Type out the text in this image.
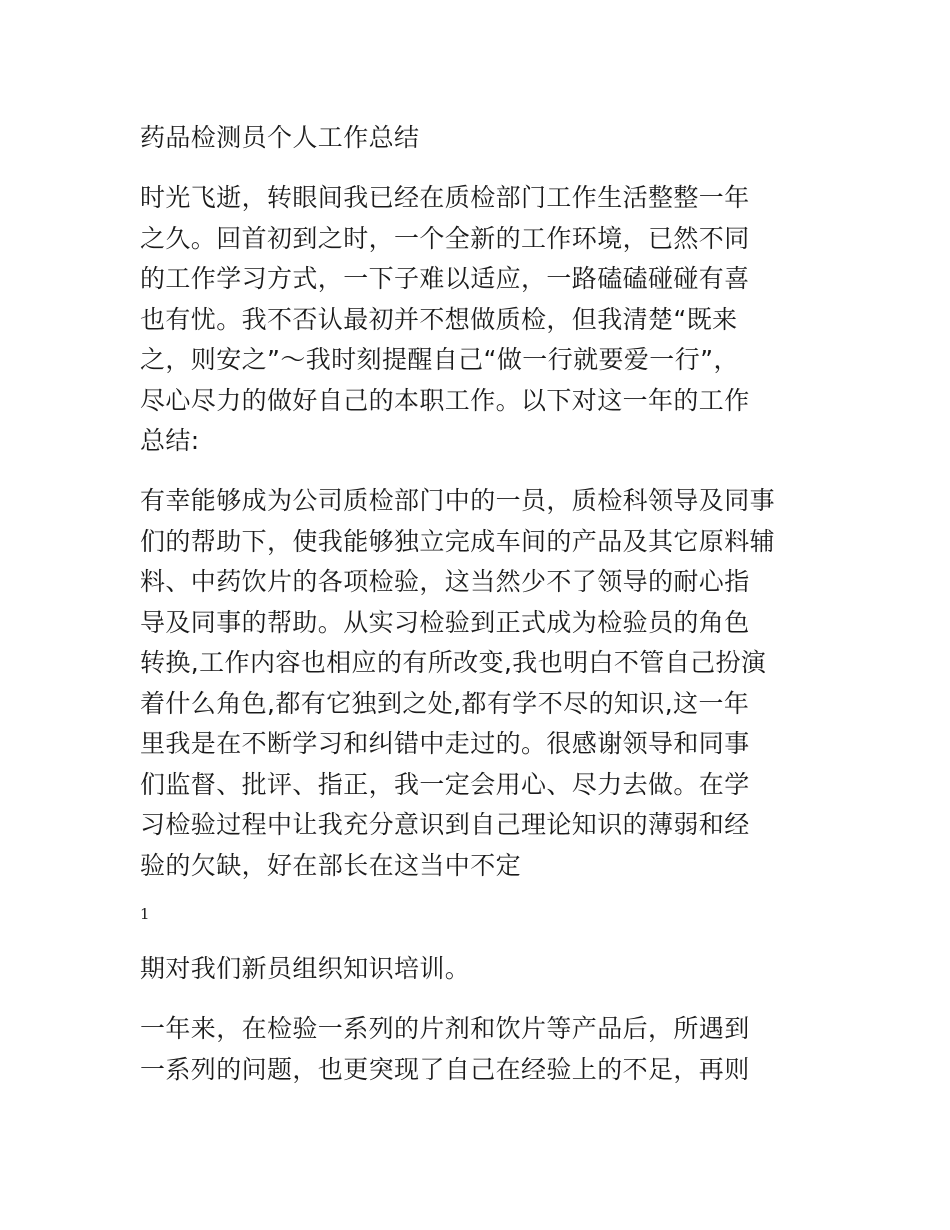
药品检测员个人工作总结
时光飞逝，转眼间我已经在质检部门工作生活整整一年
之久。回首初到之时，一个全新的工作环境，已然不同
的工作学习方式，一下子难以适应，一路磕磕碰碰有喜
也有忧。我不否认最初并不想做质检，但我清楚“既来
之，则安之”～我时刻提醒自己“做一行就要爱一行”，
尽心尽力的做好自己的本职工作。以下对这一年的工作
总结:
有幸能够成为公司质检部门中的一员，质检科领导及同事
们的帮助下，使我能够独立完成车间的产品及其它原料辅
料、中药饮片的各项检验，这当然少不了领导的耐心指
导及同事的帮助。从实习检验到正式成为检验员的角色
转换,工作内容也相应的有所改变,我也明白不管自己扮演
着什么角色,都有它独到之处,都有学不尽的知识,这一年
里我是在不断学习和纠错中走过的。很感谢领导和同事
们监督、批评、指正，我一定会用心、尽力去做。在学
习检验过程中让我充分意识到自己理论知识的薄弱和经
验的欠缺，好在部长在这当中不定
1
期对我们新员组织知识培训。
一年来，在检验一系列的片剂和饮片等产品后，所遇到
一系列的问题，也更突现了自己在经验上的不足，再则
